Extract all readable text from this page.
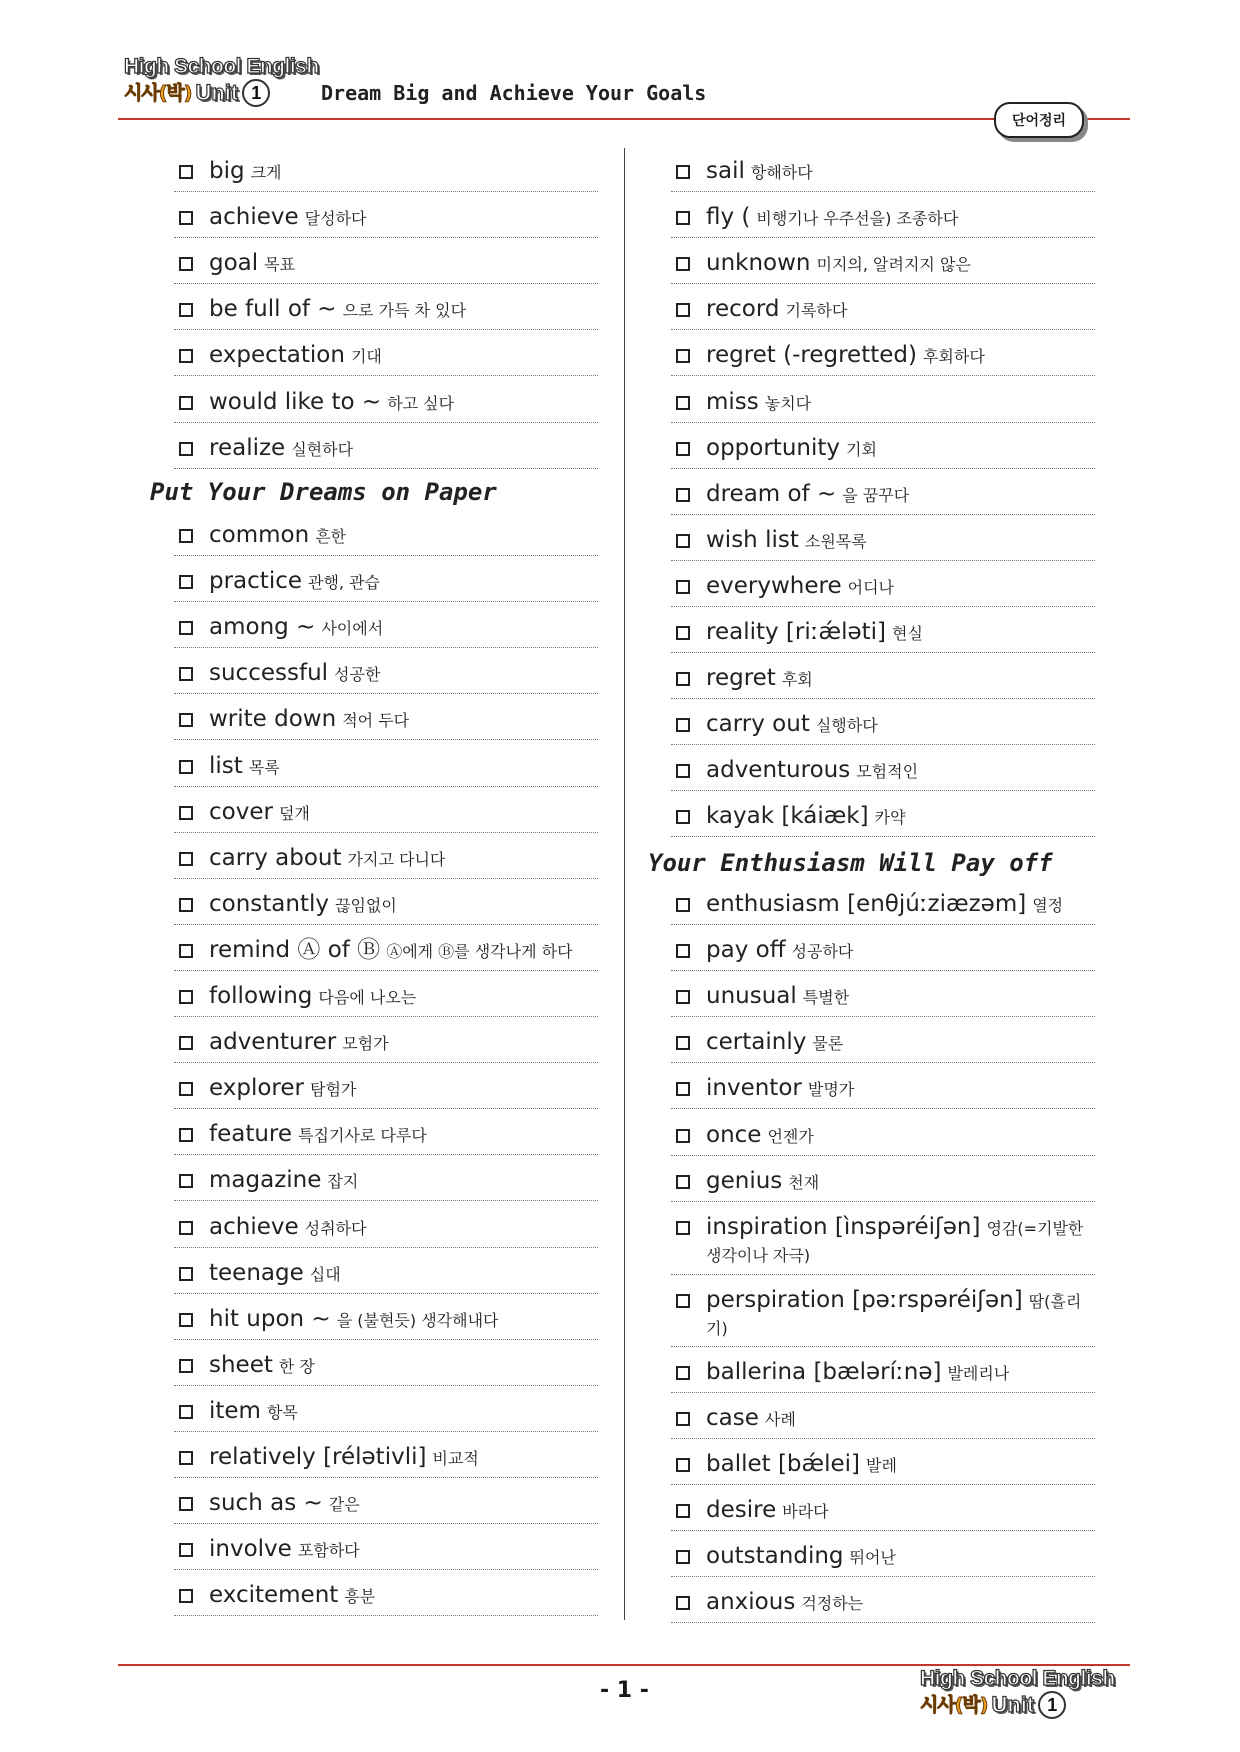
High School English
시사(박) Unit 1	Dream Big and Achieve Your Goals
단어정리
big 크게
achieve 달성하다
goal 목표
be full of ~ 으로 가득 차 있다
expectation 기대
would like to ~ 하고 싶다
realize 실현하다
Put Your Dreams on Paper
common 흔한
practice 관행, 관습
among ~ 사이에서
successful 성공한
write down 적어 두다
list 목록
cover 덮개
carry about 가지고 다니다
constantly 끊임없이
remind Ⓐ of Ⓑ Ⓐ에게 Ⓑ를 생각나게 하다
following 다음에 나오는
adventurer 모험가
explorer 탐험가
feature 특집기사로 다루다
magazine 잡지
achieve 성취하다
teenage 십대
hit upon ~ 을 (불현듯) 생각해내다
sheet 한 장
item 항목
relatively [rélətivli] 비교적
such as ~ 같은
involve 포함하다
excitement 흥분
sail 항해하다
fly ( 비행기나 우주선을) 조종하다
unknown 미지의, 알려지지 않은
record 기록하다
regret (-regretted) 후회하다
miss 놓치다
opportunity 기회
dream of ~ 을 꿈꾸다
wish list 소원목록
everywhere 어디나
reality [riːǽləti] 현실
regret 후회
carry out 실행하다
adventurous 모험적인
kayak [káiæk] 카약
Your Enthusiasm Will Pay off
enthusiasm [enθjúːziæzəm] 열정
pay off 성공하다
unusual 특별한
certainly 물론
inventor 발명가
once 언젠가
genius 천재
inspiration [ìnspəréiʃən] 영감(=기발한 생각이나 자극)
perspiration [pəːrspəréiʃən] 땀(흘리기)
ballerina [bæləríːnə] 발레리나
case 사례
ballet [bǽlei] 발레
desire 바라다
outstanding 뛰어난
anxious 걱정하는
- 1 -	High School English
시사(박) Unit 1
